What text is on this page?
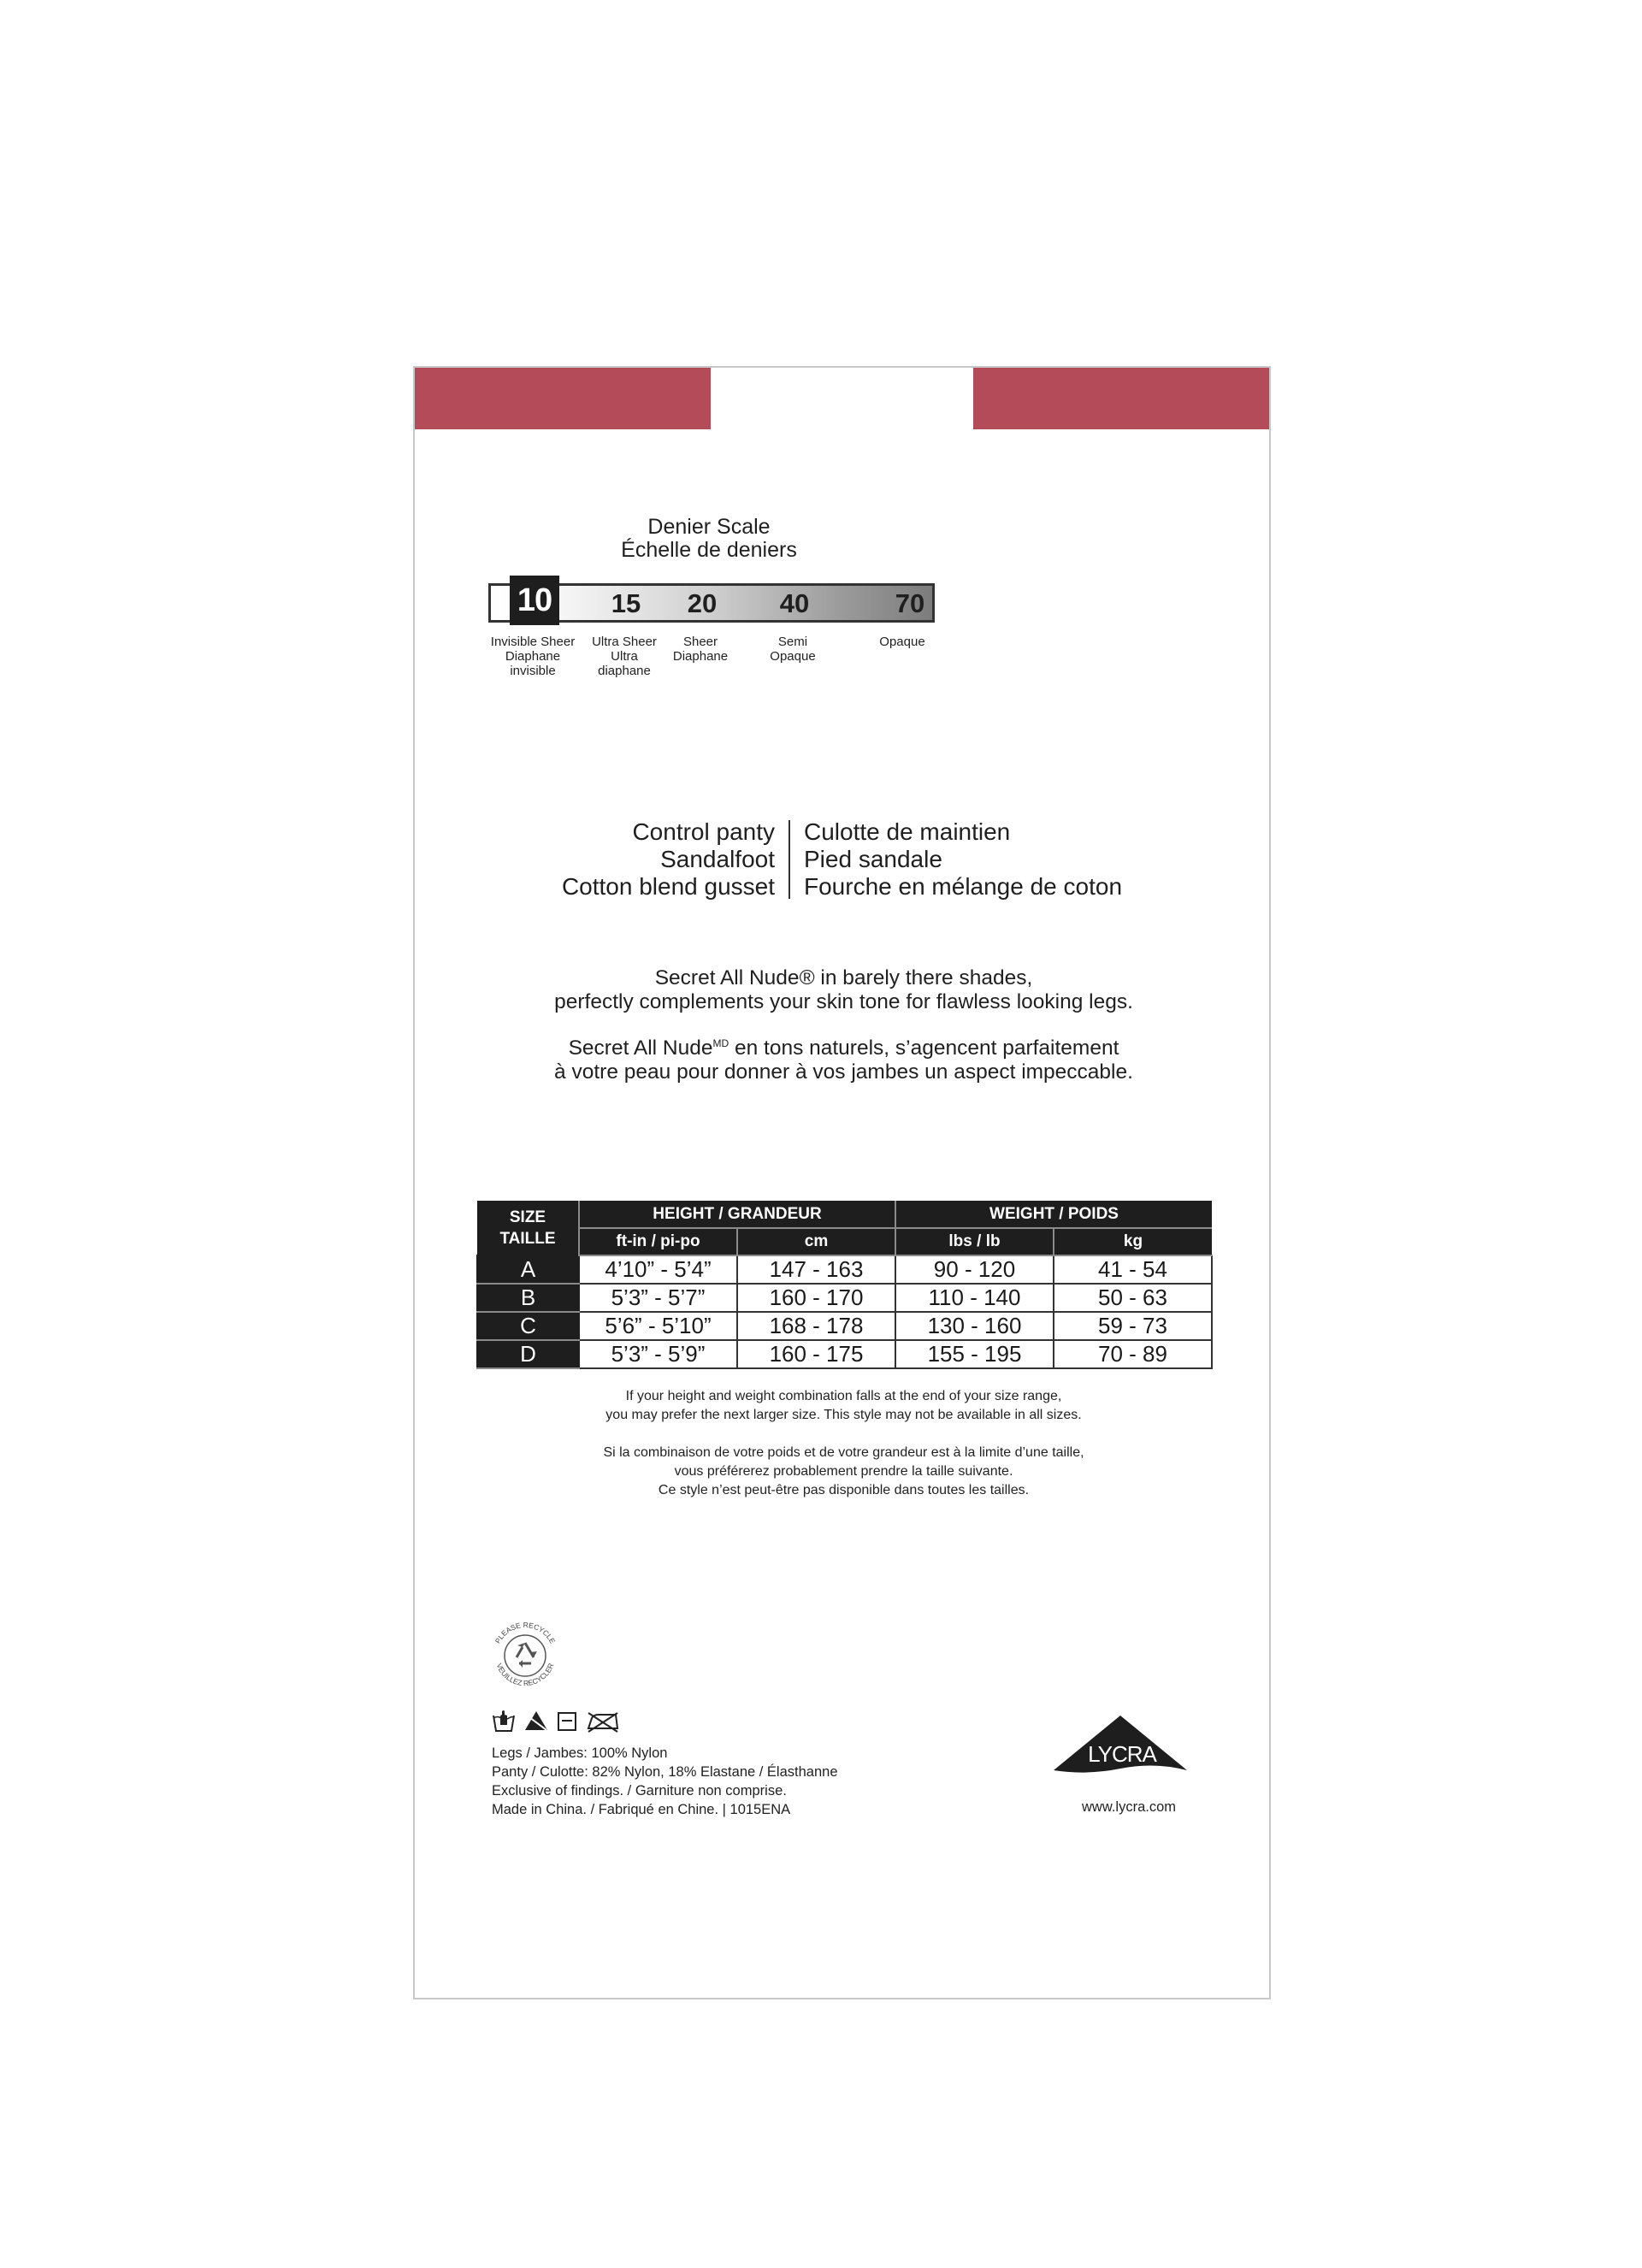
Denier Scale
Échelle de deniers
10 15 20 40	70
Invisible Sheer
Diaphane
invisible
Ultra Sheer
Ultra
diaphane
Sheer
Diaphane
Semi
Opaque
Opaque
Control panty
Sandalfoot
Cotton blend gusset
Culotte de maintien
Pied sandale
Fourche en mélange de coton
Secret All Nude® in barely there shades,
perfectly complements your skin tone for flawless looking legs.
Secret All Nude$^{MD}$ en tons naturels, s’agencent parfaitement
à votre peau pour donner à vos jambes un aspect impeccable.
SIZE
TAILLE	HEIGHT / GRANDEUR		WEIGHT / POIDS	
	ft-in / pi-po	cm	lbs / lb	kg
A	4’10” - 5’4”	147 - 163	90 - 120	41 - 54
B	5’3” - 5’7”	160 - 170	110 - 140	50 - 63
C	5’6” - 5’10”	168 - 178	130 - 160	59 - 73
D	5’3” - 5’9”	160 - 175	155 - 195	70 - 89
If your height and weight combination falls at the end of your size range,
you may prefer the next larger size. This style may not be available in all sizes.
Si la combinaison de votre poids et de votre grandeur est à la limite d’une taille,
vous préférerez probablement prendre la taille suivante.
Ce style n’est peut-être pas disponible dans toutes les tailles.
PLEASE RECYCLE
VEUILLEZ RECYCLER
Legs / Jambes: 100% Nylon
Panty / Culotte: 82% Nylon, 18% Elastane / Élasthanne
Exclusive of findings. / Garniture non comprise.
Made in China. / Fabriqué en Chine. | 1015ENA
LYCRA
www.lycra.com
